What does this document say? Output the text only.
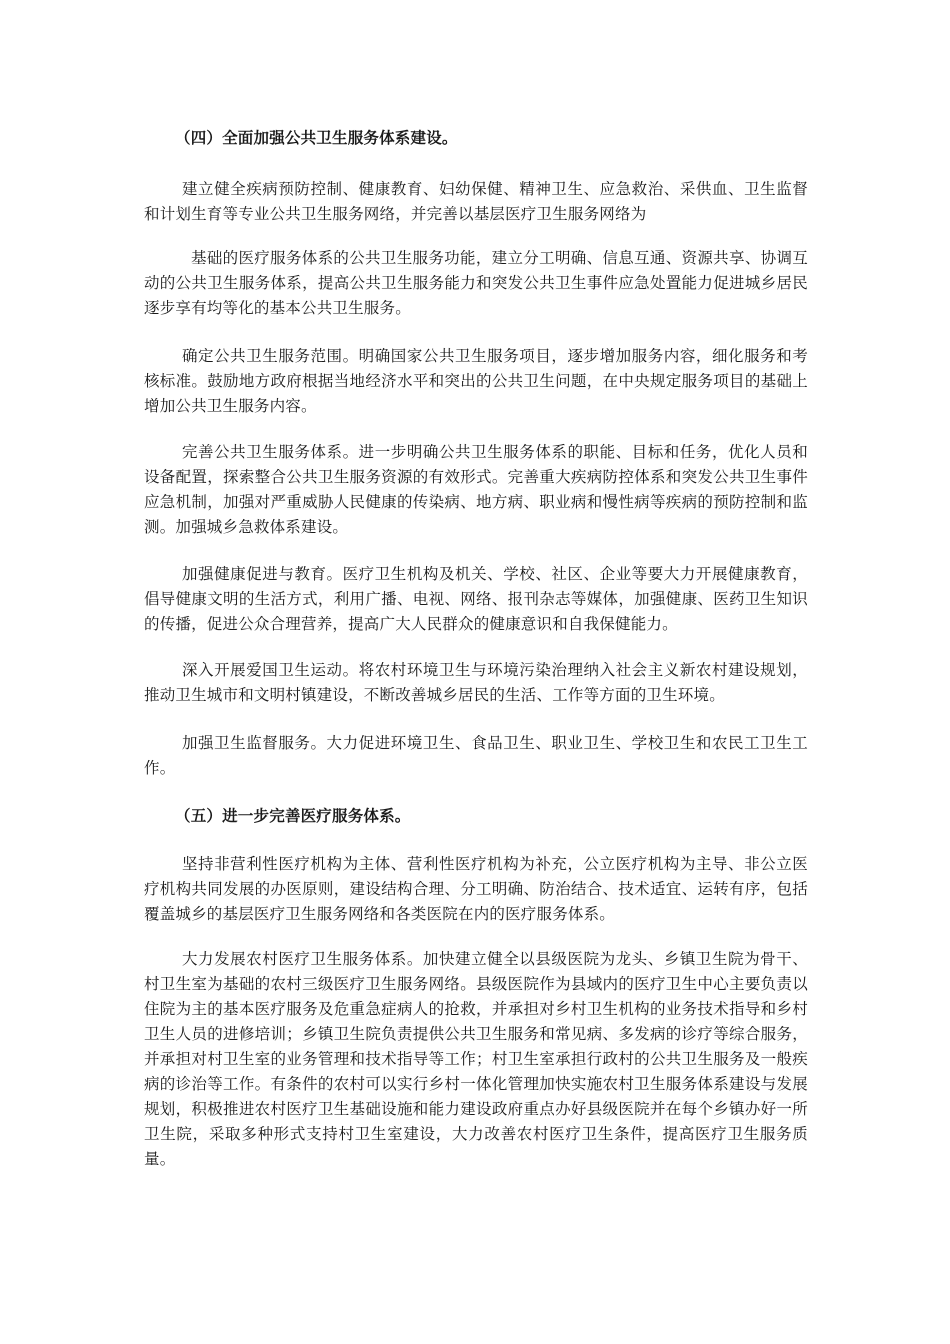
（四）全面加强公共卫生服务体系建设。

建立健全疾病预防控制、健康教育、妇幼保健、精神卫生、应急救治、采供血、卫生监督和计划生育等专业公共卫生服务网络，并完善以基层医疗卫生服务网络为

基础的医疗服务体系的公共卫生服务功能，建立分工明确、信息互通、资源共享、协调互动的公共卫生服务体系，提高公共卫生服务能力和突发公共卫生事件应急处置能力促进城乡居民逐步享有均等化的基本公共卫生服务。

确定公共卫生服务范围。明确国家公共卫生服务项目，逐步增加服务内容，细化服务和考核标准。鼓励地方政府根据当地经济水平和突出的公共卫生问题，在中央规定服务项目的基础上增加公共卫生服务内容。

完善公共卫生服务体系。进一步明确公共卫生服务体系的职能、目标和任务，优化人员和设备配置，探索整合公共卫生服务资源的有效形式。完善重大疾病防控体系和突发公共卫生事件应急机制，加强对严重威胁人民健康的传染病、地方病、职业病和慢性病等疾病的预防控制和监测。加强城乡急救体系建设。

加强健康促进与教育。医疗卫生机构及机关、学校、社区、企业等要大力开展健康教育，倡导健康文明的生活方式，利用广播、电视、网络、报刊杂志等媒体，加强健康、医药卫生知识的传播，促进公众合理营养，提高广大人民群众的健康意识和自我保健能力。

深入开展爱国卫生运动。将农村环境卫生与环境污染治理纳入社会主义新农村建设规划，推动卫生城市和文明村镇建设，不断改善城乡居民的生活、工作等方面的卫生环境。

加强卫生监督服务。大力促进环境卫生、食品卫生、职业卫生、学校卫生和农民工卫生工作。

（五）进一步完善医疗服务体系。

坚持非营利性医疗机构为主体、营利性医疗机构为补充，公立医疗机构为主导、非公立医疗机构共同发展的办医原则，建设结构合理、分工明确、防治结合、技术适宜、运转有序，包括覆盖城乡的基层医疗卫生服务网络和各类医院在内的医疗服务体系。

大力发展农村医疗卫生服务体系。加快建立健全以县级医院为龙头、乡镇卫生院为骨干、村卫生室为基础的农村三级医疗卫生服务网络。县级医院作为县域内的医疗卫生中心主要负责以住院为主的基本医疗服务及危重急症病人的抢救，并承担对乡村卫生机构的业务技术指导和乡村卫生人员的进修培训；乡镇卫生院负责提供公共卫生服务和常见病、多发病的诊疗等综合服务，并承担对村卫生室的业务管理和技术指导等工作；村卫生室承担行政村的公共卫生服务及一般疾病的诊治等工作。有条件的农村可以实行乡村一体化管理加快实施农村卫生服务体系建设与发展规划，积极推进农村医疗卫生基础设施和能力建设政府重点办好县级医院并在每个乡镇办好一所卫生院，采取多种形式支持村卫生室建设，大力改善农村医疗卫生条件，提高医疗卫生服务质量。
